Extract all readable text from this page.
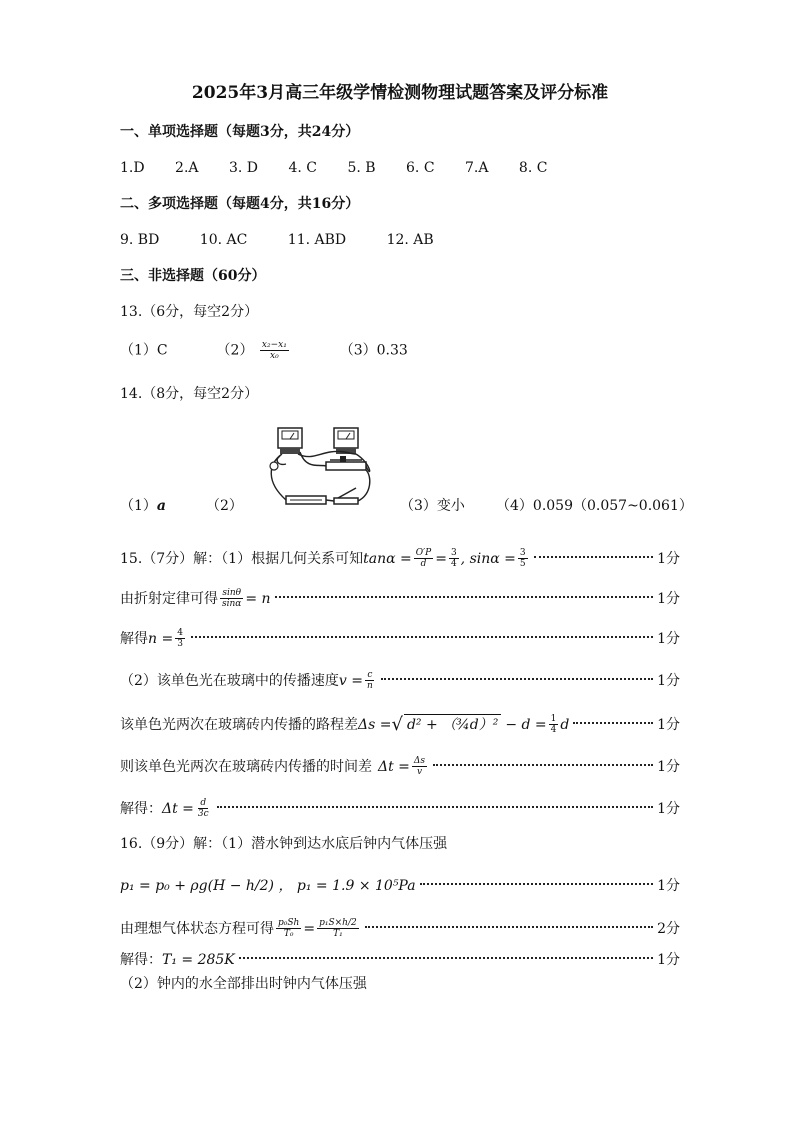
2025年3月高三年级学情检测物理试题答案及评分标准
一、单项选择题（每题3分，共24分）
1.D 2.A 3. D 4. C 5. B 6. C 7.A 8. C
二、多项选择题（每题4分，共16分）
9. BD	10. AC	11. ABD	12. AB
三、非选择题（60分）
13.（6分，每空2分）
（1）C	$(2) \frac{\text{x₂−x₁}}{\text{x₀}}$	（3）0.33
14.（8分，每空2分）
（1）a	（2）	（3）变小 （4）0.059（0.057~0.061）
15.（7分）解：（1）根据几何关系可知 $\tan\alpha = \frac{O'P}{d} = \frac{3}{4}$ , $\sin\alpha = \frac{3}{5}$	1分
由折射定律可得 $\frac{\sin\theta}{\sin\alpha} = n$	1分
解得 $n = \frac{4}{3}$	1分
（2）该单色光在玻璃中的传播速度 $v = \frac{c}{n}$	1分
该单色光两次在玻璃砖内传播的路程差 Δs = √ d² + （¾d）² − $d = \frac{1}{4}$ d	1分
则该单色光两次在玻璃砖内传播的时间差 $\Delta t = \frac{\Delta s}{v}$	1分
解得： $\Delta t = \frac{d}{3c}$	1分
16.（9分）解：（1）潜水钟到达水底后钟内气体压强
p₁ = p₀ + ρg(H − h/2) ， p₁ = 1.9 × 10⁵Pa	1分
由理想气体状态方程可得 $\frac{\text{p₀Sh}}{\text{T₀}} = \frac{\text{p₁S×h/2}}{\text{T₁}}$	2分
解得： T₁ = 285K	1分
（2）钟内的水全部排出时钟内气体压强
